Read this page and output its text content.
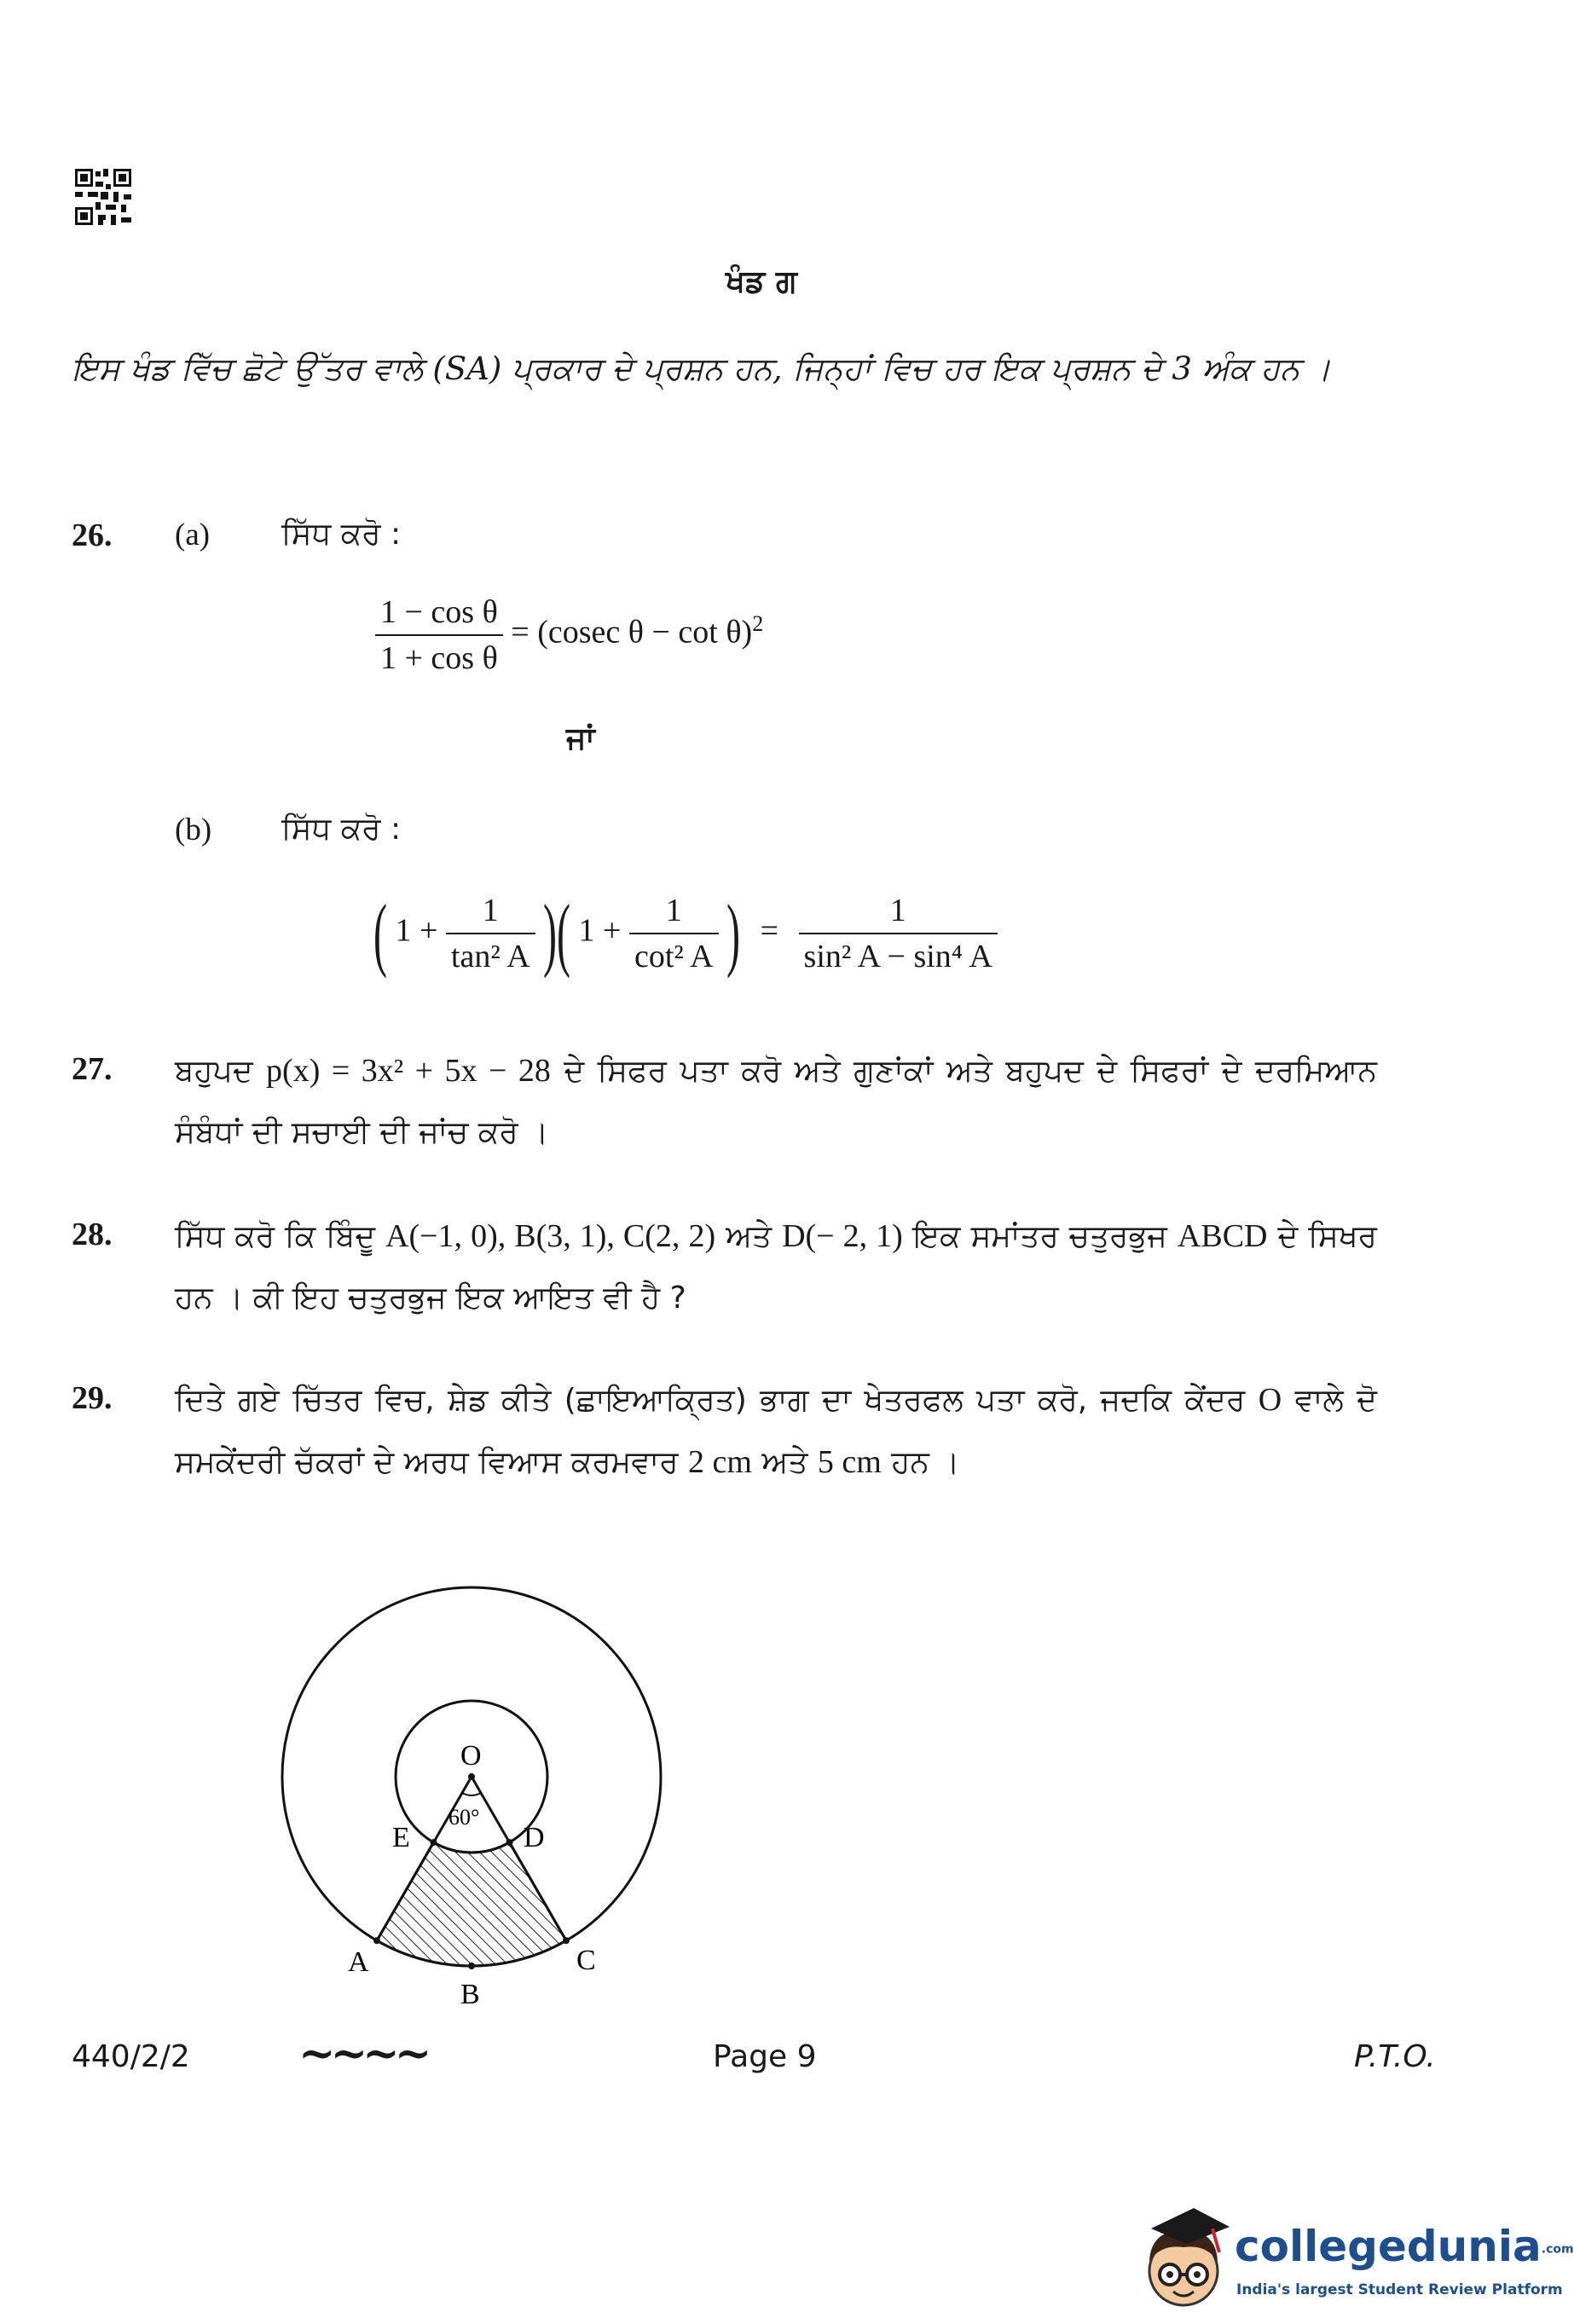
ਖੰਡ ਗ
ਇਸ ਖੰਡ ਵਿੱਚ ਛੋਟੇ ਉੱਤਰ ਵਾਲੇ (SA) ਪ੍ਰਕਾਰ ਦੇ ਪ੍ਰਸ਼ਨ ਹਨ, ਜਿਨ੍ਹਾਂ ਵਿਚ ਹਰ ਇਕ ਪ੍ਰਸ਼ਨ ਦੇ 3 ਅੰਕ ਹਨ ।
26. (a) ਸਿੱਧ ਕਰੋ :
$\frac{\text{1 − cos θ}}{\text{1 + cos θ}} = (cosec$ θ − cot θ)$^2$
ਜਾਂ
(b) ਸਿੱਧ ਕਰੋ :
( $1 + \frac{1}{\text{tan² A}}$ )( $1 + \frac{1}{\text{cot² A}}$ ) = $\frac{1}{\text{sin² A − sin⁴ A}}$
27. ਬਹੁਪਦ p(x) = 3x² + 5x − 28 ਦੇ ਸਿਫਰ ਪਤਾ ਕਰੋ ਅਤੇ ਗੁਣਾਂਕਾਂ ਅਤੇ ਬਹੁਪਦ ਦੇ ਸਿਫਰਾਂ ਦੇ ਦਰਮਿਆਨ ਸੰਬੰਧਾਂ ਦੀ ਸਚਾਈ ਦੀ ਜਾਂਚ ਕਰੋ ।
28. ਸਿੱਧ ਕਰੋ ਕਿ ਬਿੰਦੂ A(−1, 0), B(3, 1), C(2, 2) ਅਤੇ D(− 2, 1) ਇਕ ਸਮਾਂਤਰ ਚਤੁਰਭੁਜ ABCD ਦੇ ਸਿਖਰ ਹਨ । ਕੀ ਇਹ ਚਤੁਰਭੁਜ ਇਕ ਆਇਤ ਵੀ ਹੈ ?
29. ਦਿਤੇ ਗਏ ਚਿੱਤਰ ਵਿਚ, ਸ਼ੇਡ ਕੀਤੇ (ਛਾਇਆਕ੍ਰਿਤ) ਭਾਗ ਦਾ ਖੇਤਰਫਲ ਪਤਾ ਕਰੋ, ਜਦਕਿ ਕੇਂਦਰ O ਵਾਲੇ ਦੋ ਸਮਕੇਂਦਰੀ ਚੱਕਰਾਂ ਦੇ ਅਰਧ ਵਿਆਸ ਕਰਮਵਾਰ 2 cm ਅਤੇ 5 cm ਹਨ ।
O
60°
E	D
A
B
C
440/2/2 ~~~~	Page 9	P.T.O.
collegedunia.com
India's largest Student Review Platform
